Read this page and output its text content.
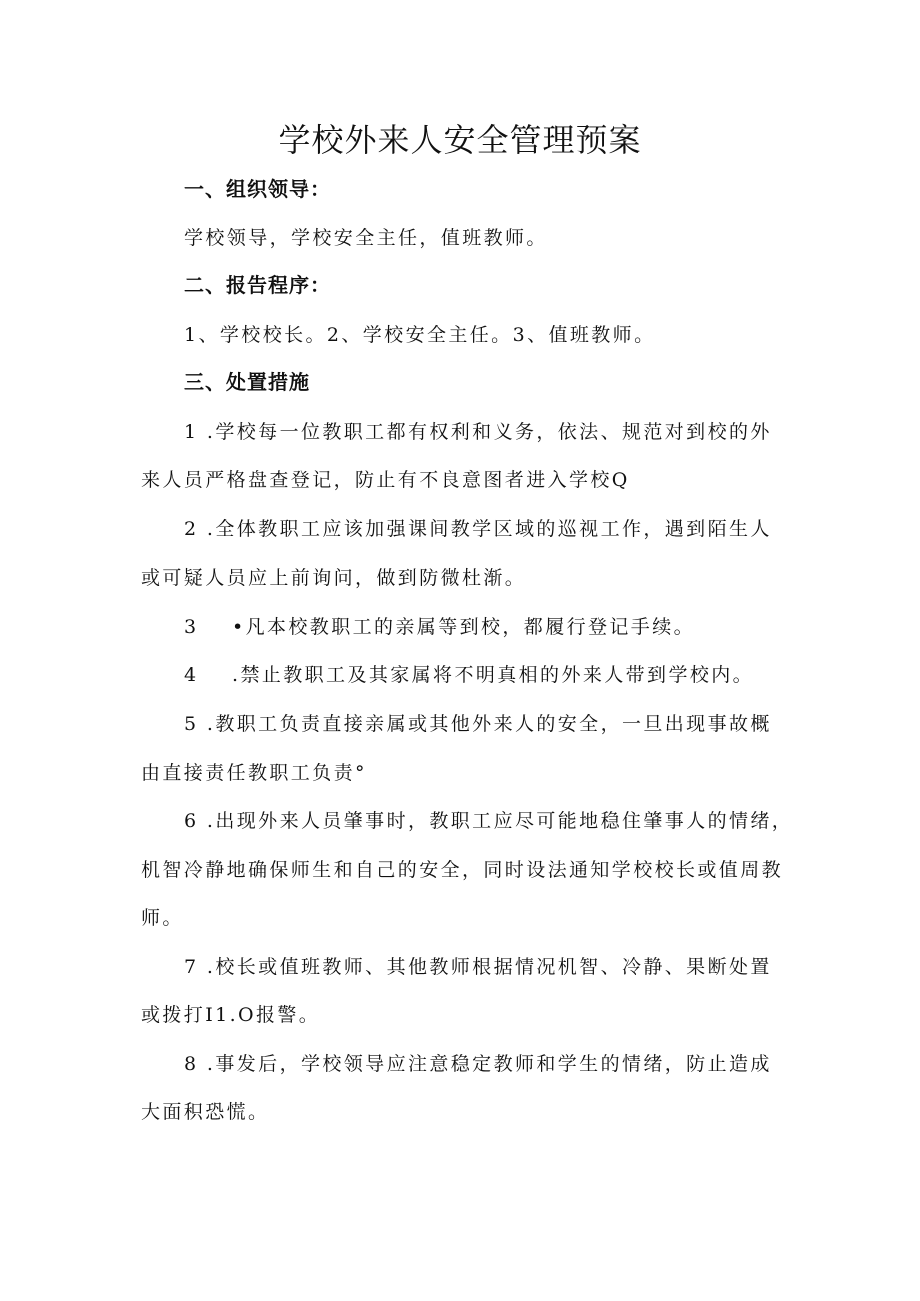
学校外来人安全管理预案
一、组织领导：
学校领导，学校安全主任，值班教师。
二、报告程序：
1、学校校长。2、学校安全主任。3、值班教师。
三、处置措施
1 .学校每一位教职工都有权利和义务，依法、规范对到校的外
来人员严格盘查登记，防止有不良意图者进入学校Q
2 .全体教职工应该加强课间教学区域的巡视工作，遇到陌生人
或可疑人员应上前询问，做到防微杜渐。
3 •凡本校教职工的亲属等到校，都履行登记手续。
4 .禁止教职工及其家属将不明真相的外来人带到学校内。
5 .教职工负责直接亲属或其他外来人的安全，一旦出现事故概
由直接责任教职工负责°
6 .出现外来人员肇事时，教职工应尽可能地稳住肇事人的情绪，
机智冷静地确保师生和自己的安全，同时设法通知学校校长或值周教
师。
7 .校长或值班教师、其他教师根据情况机智、冷静、果断处置
或拨打I1.O报警。
8 .事发后，学校领导应注意稳定教师和学生的情绪，防止造成
大面积恐慌。
